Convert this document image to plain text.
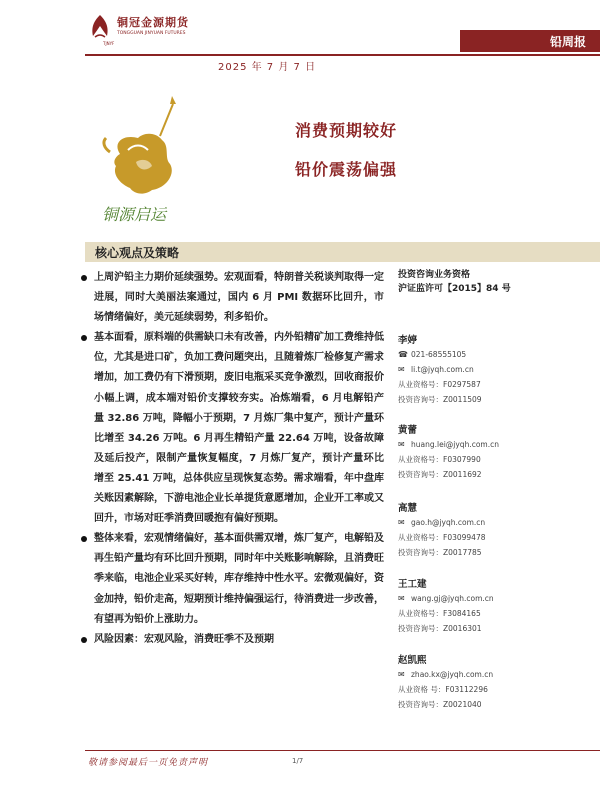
铜冠金源期货
TONGGUAN JINYUAN FUTURES
TJNYF	铅周报
2025 年 7 月 7 日
铜源启运
消费预期较好
铅价震荡偏强
核心观点及策略
上周沪铅主力期价延续强势。宏观面看，特朗普关税谈判取得一定进展，同时大美丽法案通过，国内 6 月 PMI 数据环比回升，市场情绪偏好，美元延续弱势，利多铅价。
基本面看，原料端的供需缺口未有改善，内外铅精矿加工费维持低位，尤其是进口矿，负加工费问题突出，且随着炼厂检修复产需求增加，加工费仍有下滑预期，废旧电瓶采买竞争激烈，回收商报价小幅上调，成本端对铅价支撑较夯实。冶炼端看，6 月电解铅产量 32.86 万吨，降幅小于预期，7 月炼厂集中复产，预计产量环比增至 34.26 万吨。6 月再生精铅产量 22.64 万吨，设备故障及延后投产，限制产量恢复幅度，7 月炼厂复产，预计产量环比增至 25.41 万吨，总体供应呈现恢复态势。需求端看，年中盘库关账因素解除，下游电池企业长单提货意愿增加，企业开工率或又回升，市场对旺季消费回暖抱有偏好预期。
整体来看，宏观情绪偏好，基本面供需双增，炼厂复产，电解铅及再生铅产量均有环比回升预期，同时年中关账影响解除，且消费旺季来临，电池企业采买好转，库存维持中性水平。宏微观偏好，资金加持，铅价走高，短期预计维持偏强运行，待消费进一步改善，有望再为铅价上涨助力。
风险因素：宏观风险，消费旺季不及预期
投资咨询业务资格
沪证监许可【2015】84 号
李婷
☎ 021-68555105
✉ li.t@jyqh.com.cn
从业资格号：F0297587
投资咨询号：Z0011509
黄蕾
✉ huang.lei@jyqh.com.cn
从业资格号：F0307990
投资咨询号：Z0011692
高慧
✉ gao.h@jyqh.com.cn
从业资格号：F03099478
投资咨询号：Z0017785
王工建
✉ wang.gj@jyqh.com.cn
从业资格号：F3084165
投资咨询号：Z0016301
赵凯熙
✉ zhao.kx@jyqh.com.cn
从业资格 号：F03112296
投资咨询号：Z0021040
敬请参阅最后一页免责声明	1/7
